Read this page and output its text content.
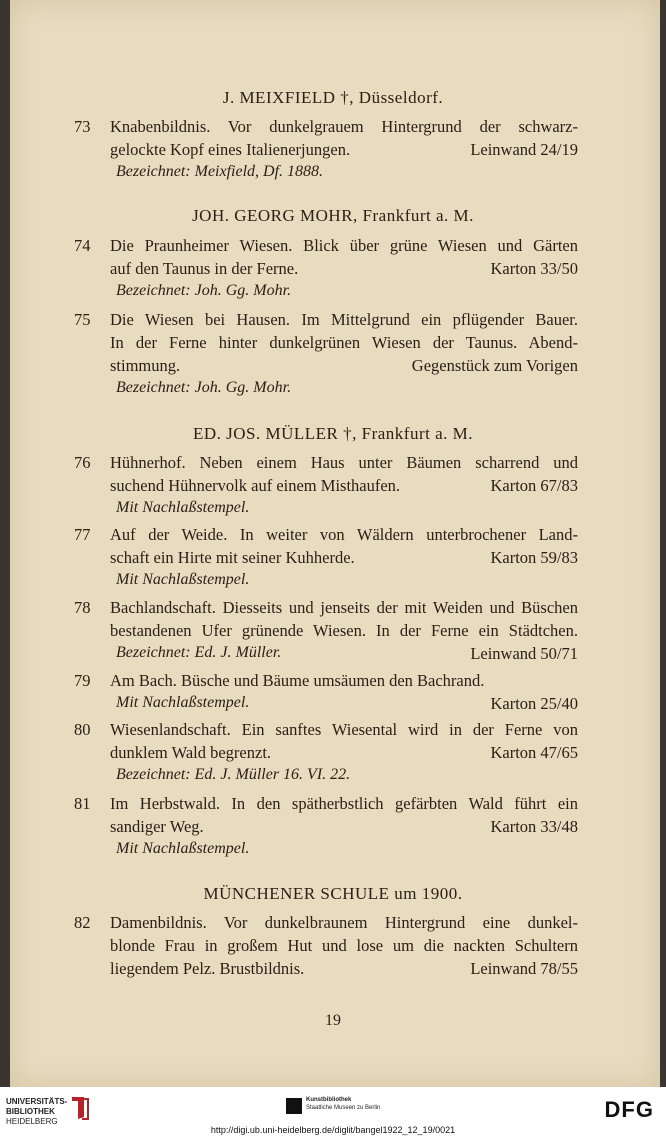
J. MEIXFIELD †, Düsseldorf.
73 Knabenbildnis. Vor dunkelgrauem Hintergrund der schwarz-
gelockte Kopf eines Italienerjungen.	Leinwand 24/19
Bezeichnet: Meixfield, Df. 1888.
JOH. GEORG MOHR, Frankfurt a. M.
74 Die Praunheimer Wiesen. Blick über grüne Wiesen und Gärten
auf den Taunus in der Ferne.	Karton 33/50
Bezeichnet: Joh. Gg. Mohr.
75 Die Wiesen bei Hausen. Im Mittelgrund ein pflügender Bauer.
In der Ferne hinter dunkelgrünen Wiesen der Taunus. Abend-
stimmung.	Gegenstück zum Vorigen
Bezeichnet: Joh. Gg. Mohr.
ED. JOS. MÜLLER †, Frankfurt a. M.
76 Hühnerhof. Neben einem Haus unter Bäumen scharrend und
suchend Hühnervolk auf einem Misthaufen.	Karton 67/83
Mit Nachlaßstempel.
77 Auf der Weide. In weiter von Wäldern unterbrochener Land-
schaft ein Hirte mit seiner Kuhherde.	Karton 59/83
Mit Nachlaßstempel.
78 Bachlandschaft. Diesseits und jenseits der mit Weiden und Büschen
bestandenen Ufer grünende Wiesen. In der Ferne ein Städtchen.
Bezeichnet: Ed. J. Müller.	Leinwand 50/71
79 Am Bach. Büsche und Bäume umsäumen den Bachrand.
Mit Nachlaßstempel.	Karton 25/40
80 Wiesenlandschaft. Ein sanftes Wiesental wird in der Ferne von
dunklem Wald begrenzt.	Karton 47/65
Bezeichnet: Ed. J. Müller 16. VI. 22.
81 Im Herbstwald. In den spätherbstlich gefärbten Wald führt ein
sandiger Weg.	Karton 33/48
Mit Nachlaßstempel.
MÜNCHENER SCHULE um 1900.
82 Damenbildnis. Vor dunkelbraunem Hintergrund eine dunkel-
blonde Frau in großem Hut und lose um die nackten Schultern
liegendem Pelz. Brustbildnis.	Leinwand 78/55
19
UNIVERSITÄTS-
BIBLIOTHEK
HEIDELBERG
Kunstbibliothek
Staatliche Museen zu Berlin	DFG
http://digi.ub.uni-heidelberg.de/diglit/bangel1922_12_19/0021
